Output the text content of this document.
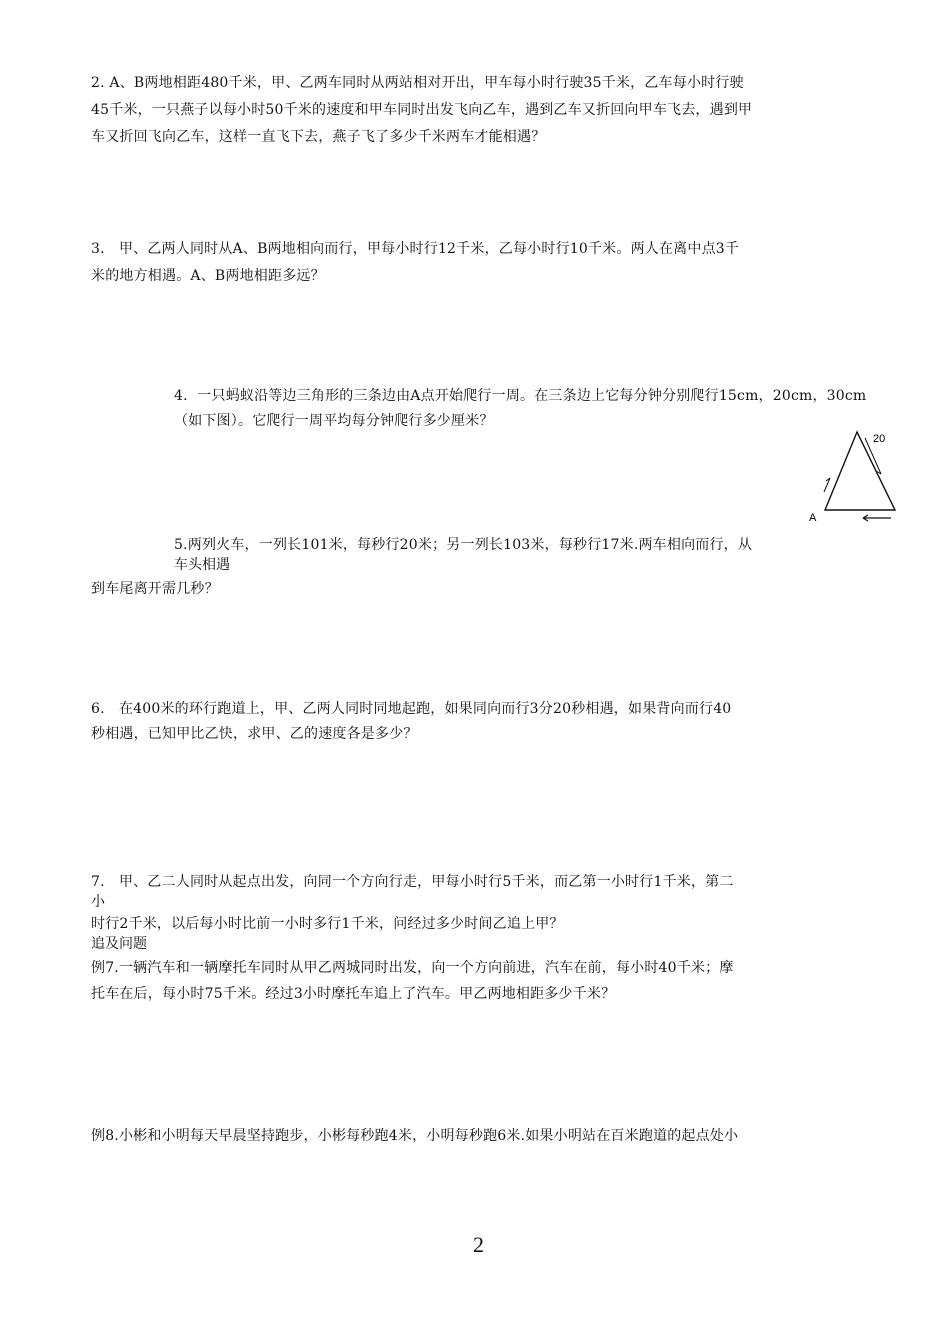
2. A、B两地相距480千米，甲、乙两车同时从两站相对开出，甲车每小时行驶35千米，乙车每小时行驶
45千米，一只燕子以每小时50千米的速度和甲车同时出发飞向乙车，遇到乙车又折回向甲车飞去，遇到甲
车又折回飞向乙车，这样一直飞下去，燕子飞了多少千米两车才能相遇？
3.　甲、乙两人同时从A、B两地相向而行，甲每小时行12千米，乙每小时行10千米。两人在离中点3千
米的地方相遇。A、B两地相距多远？
4．一只蚂蚁沿等边三角形的三条边由A点开始爬行一周。在三条边上它每分钟分别爬行15cm，20cm，30cm
（如下图）。它爬行一周平均每分钟爬行多少厘米？
20
A
5.两列火车，一列长101米，每秒行20米；另一列长103米，每秒行17米.两车相向而行，从
车头相遇
到车尾离开需几秒？
6.　在400米的环行跑道上，甲、乙两人同时同地起跑，如果同向而行3分20秒相遇，如果背向而行40
秒相遇，已知甲比乙快，求甲、乙的速度各是多少？
7.　甲、乙二人同时从起点出发，向同一个方向行走，甲每小时行5千米，而乙第一小时行1千米，第二
小
时行2千米，以后每小时比前一小时多行1千米，问经过多少时间乙追上甲？
追及问题
例7.一辆汽车和一辆摩托车同时从甲乙两城同时出发，向一个方向前进，汽车在前，每小时40千米；摩
托车在后，每小时75千米。经过3小时摩托车追上了汽车。甲乙两地相距多少千米？
例8.小彬和小明每天早晨坚持跑步，小彬每秒跑4米，小明每秒跑6米.如果小明站在百米跑道的起点处小
2
